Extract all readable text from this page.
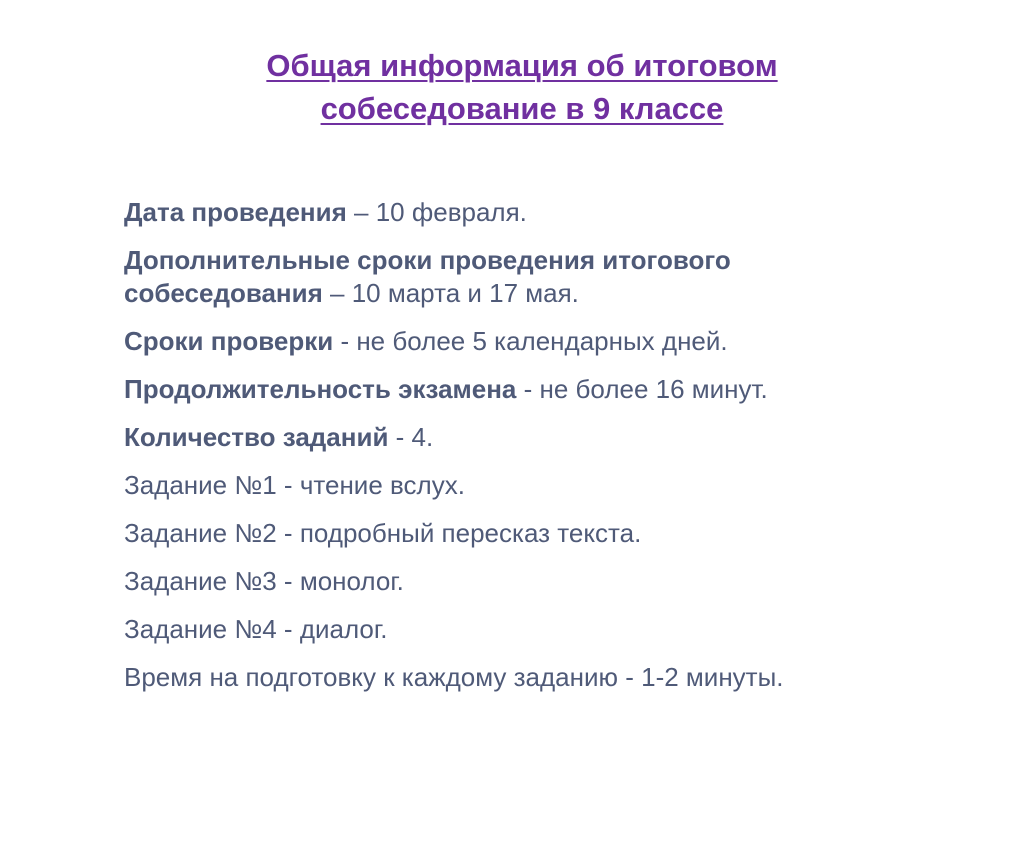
Общая информация об итоговом
собеседование в 9 классе
Дата проведения – 10 февраля.
Дополнительные сроки проведения итогового
собеседования – 10 марта и 17 мая.
Сроки проверки - не более 5 календарных дней.
Продолжительность экзамена - не более 16 минут.
Количество заданий - 4.
Задание №1 - чтение вслух.
Задание №2 - подробный пересказ текста.
Задание №3 - монолог.
Задание №4 - диалог.
Время на подготовку к каждому заданию - 1-2 минуты.
